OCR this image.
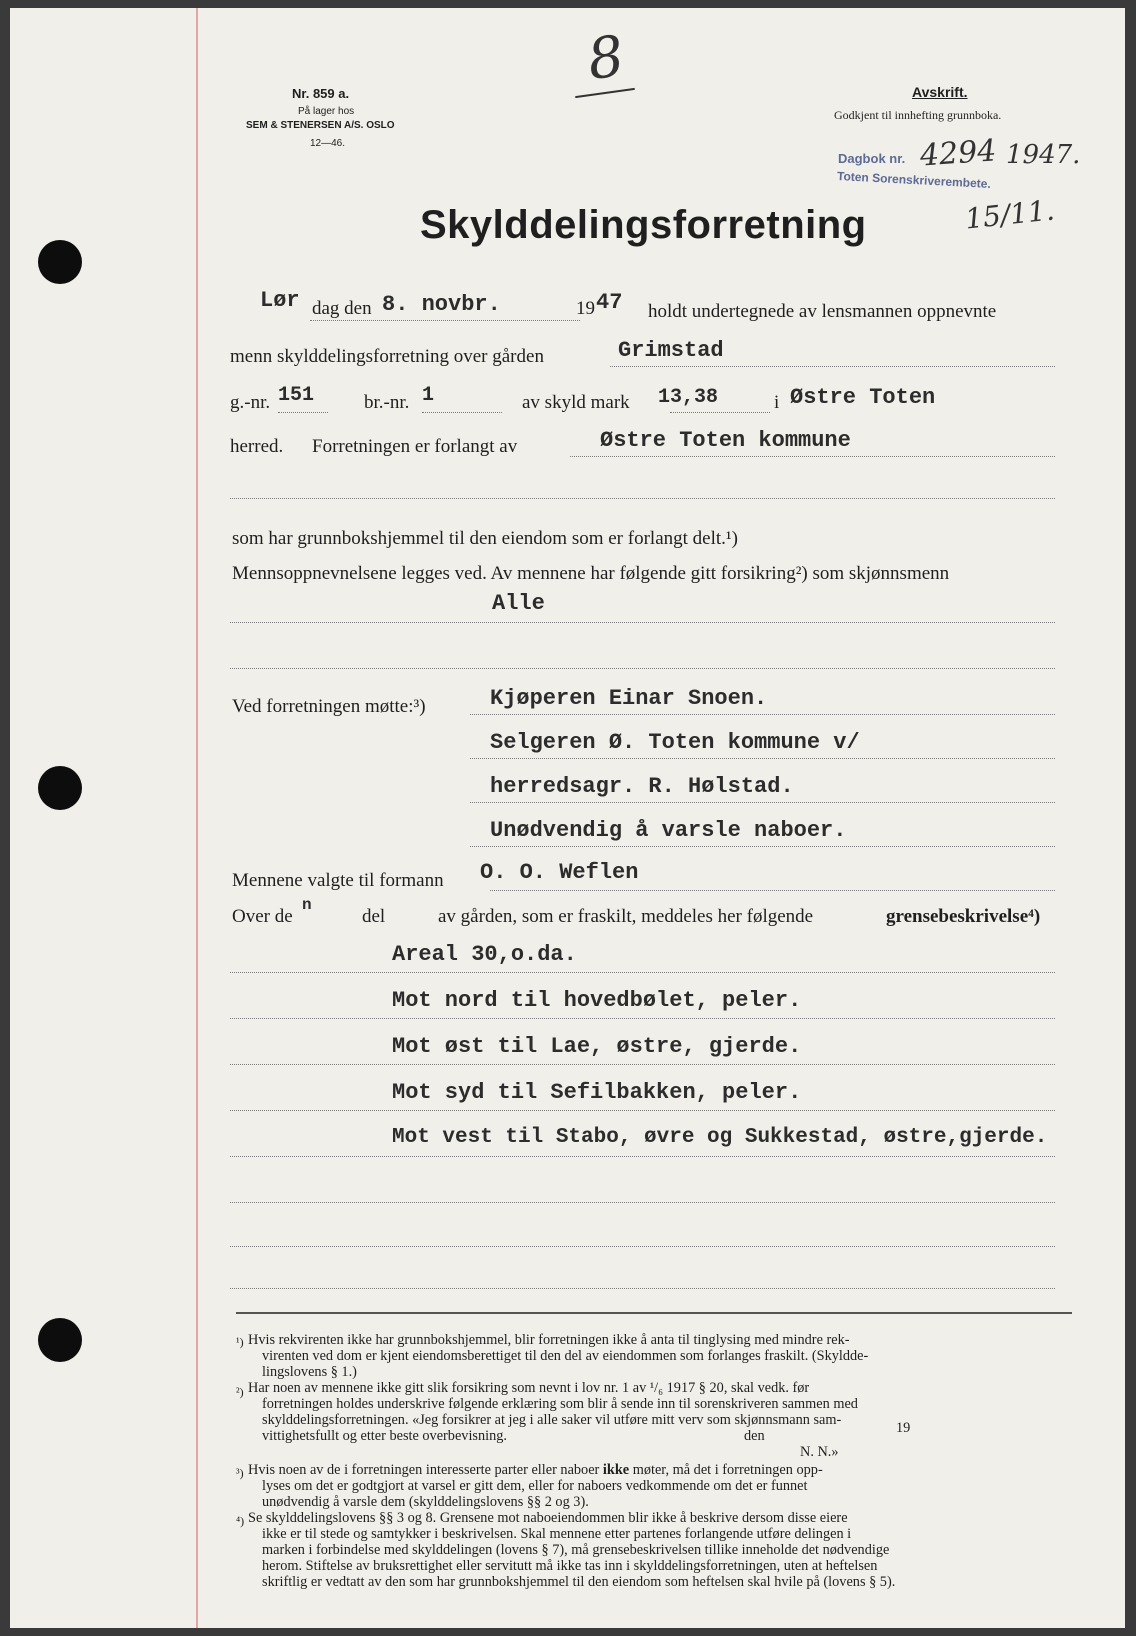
Nr. 859 a.
På lager hos
SEM & STENERSEN A/S. OSLO
12—46.
8	Avskrift.
Godkjent til innhefting grunnboka.
Dagbok nr. 4294 1947.
Toten Sorenskriverembete.
15/11.
Skylddelingsforretning
Lør dag den 8. novbr.	19 47 holdt undertegnede av lensmannen oppnevnte
menn skylddelingsforretning over gården	Grimstad
g.-nr. 151	br.-nr. 1	av skyld mark 13,38	i Østre Toten
herred. Forretningen er forlangt av	Østre Toten kommune
som har grunnbokshjemmel til den eiendom som er forlangt delt.¹)
Mennsoppnevnelsene legges ved. Av mennene har følgende gitt forsikring²) som skjønnsmenn
Alle
Ved forretningen møtte:³)	Kjøperen Einar Snoen.
Selgeren Ø. Toten kommune v/
herredsagr. R. Hølstad.
Unødvendig å varsle naboer.
Mennene valgte til formann O. O. Weflen
Over de
n
del	av gården, som er fraskilt, meddeles her følgende	grensebeskrivelse⁴)
Areal 30,o.da.
Mot nord til hovedbølet, peler.
Mot øst til Lae, østre, gjerde.
Mot syd til Sefilbakken, peler.
Mot vest til Stabo, øvre og Sukkestad, østre,gjerde.
¹) Hvis rekvirenten ikke har grunnbokshjemmel, blir forretningen ikke å anta til tinglysing med mindre rek-
virenten ved dom er kjent eiendomsberettiget til den del av eiendommen som forlanges fraskilt. (Skyldde-
lingslovens § 1.)
²) Har noen av mennene ikke gitt slik forsikring som nevnt i lov nr. 1 av ¹/₆ 1917 § 20, skal vedk. før
forretningen holdes underskrive følgende erklæring som blir å sende inn til sorenskriveren sammen med
skylddelingsforretningen. «Jeg forsikrer at jeg i alle saker vil utføre mitt verv som skjønnsmann sam-
vittighetsfullt og etter beste overbevisning.	den	19
N. N.»
³) Hvis noen av de i forretningen interesserte parter eller naboer ikke møter, må det i forretningen opp-
lyses om det er godtgjort at varsel er gitt dem, eller for naboers vedkommende om det er funnet
unødvendig å varsle dem (skylddelingslovens §§ 2 og 3).
⁴) Se skylddelingslovens §§ 3 og 8. Grensene mot naboeiendommen blir ikke å beskrive dersom disse eiere
ikke er til stede og samtykker i beskrivelsen. Skal mennene etter partenes forlangende utføre delingen i
marken i forbindelse med skylddelingen (lovens § 7), må grensebeskrivelsen tillike inneholde det nødvendige
herom. Stiftelse av bruksrettighet eller servitutt må ikke tas inn i skylddelingsforretningen, uten at heftelsen
skriftlig er vedtatt av den som har grunnbokshjemmel til den eiendom som heftelsen skal hvile på (lovens § 5).
